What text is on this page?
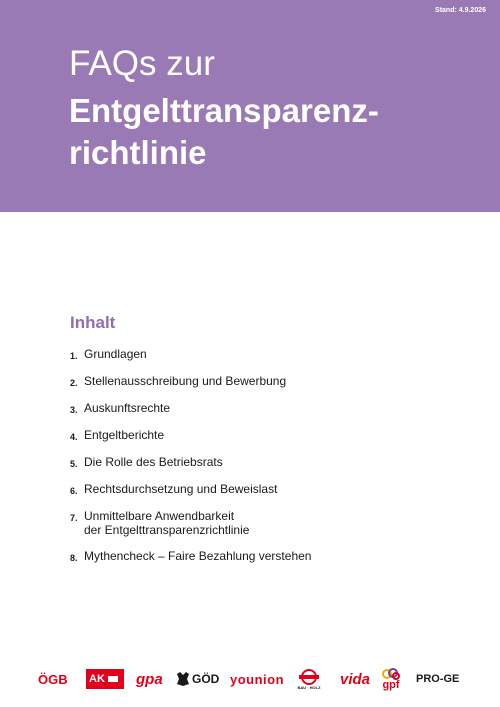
Stand: 4.9.2026
FAQs zur
Entgelttransparenz-
richtlinie
Inhalt
1. Grundlagen
2. Stellenausschreibung und Bewerbung
3. Auskunftsrechte
4. Entgeltberichte
5. Die Rolle des Betriebsrats
6. Rechtsdurchsetzung und Beweislast
7. Unmittelbare Anwendbarkeit
der Entgelttransparenzrichtlinie
8. Mythencheck – Faire Bezahlung verstehen
ÖGB AK gpa GÖD younion
BAU · HOLZ vida gpf PRO-GE
